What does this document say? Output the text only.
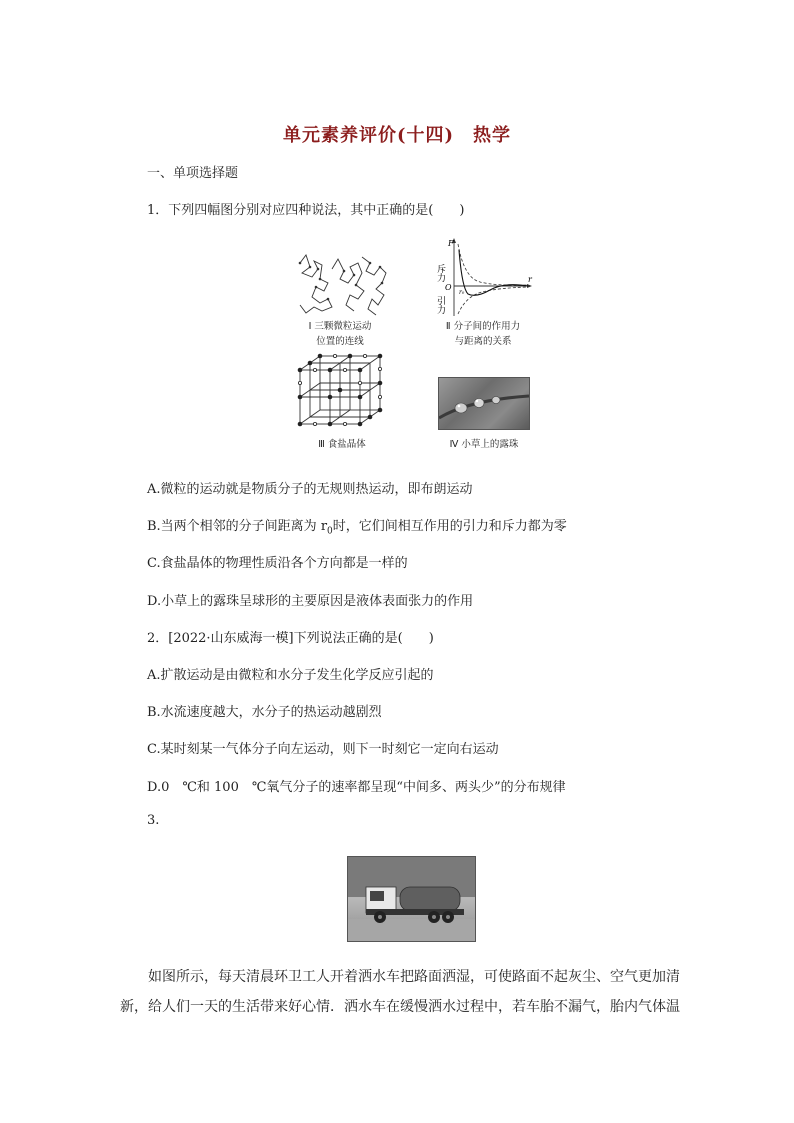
单元素养评价(十四)　热学
一、单项选择题
1．下列四幅图分别对应四种说法，其中正确的是(　　)
Ⅰ 三颗微粒运动
位置的连线
F
斥力
O
引力
r₀
r
Ⅱ 分子间的作用力
与距离的关系
Ⅲ 食盐晶体	Ⅳ 小草上的露珠
A.微粒的运动就是物质分子的无规则热运动，即布朗运动
B.当两个相邻的分子间距离为 $r_0$时，它们间相互作用的引力和斥力都为零
C.食盐晶体的物理性质沿各个方向都是一样的
D.小草上的露珠呈球形的主要原因是液体表面张力的作用
2．[2022·山东威海一模]下列说法正确的是(　　)
A.扩散运动是由微粒和水分子发生化学反应引起的
B.水流速度越大，水分子的热运动越剧烈
C.某时刻某一气体分子向左运动，则下一时刻它一定向右运动
D.0　℃和 100　℃氧气分子的速率都呈现“中间多、两头少”的分布规律
3.
如图所示，每天清晨环卫工人开着洒水车把路面洒湿，可使路面不起灰尘、空气更加清新，给人们一天的生活带来好心情．洒水车在缓慢洒水过程中，若车胎不漏气，胎内气体温
